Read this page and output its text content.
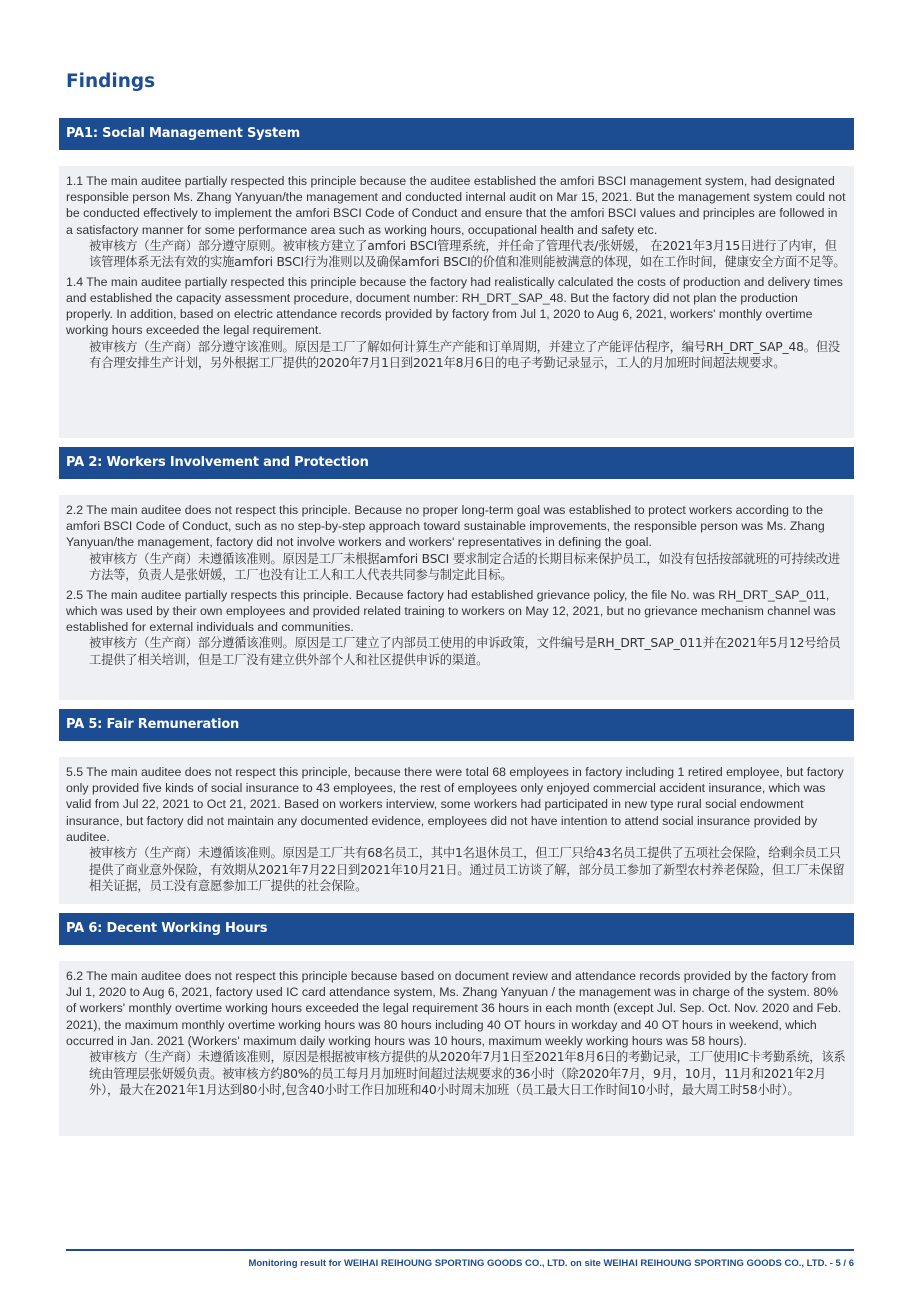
Findings
PA1: Social Management System

1.1 The main auditee partially respected this principle because the auditee established the amfori BSCI management system, had designated responsible person Ms. Zhang Yanyuan/the management and conducted internal audit on Mar 15, 2021. But the management system could not be conducted effectively to implement the amfori BSCI Code of Conduct and ensure that the amfori BSCI values and principles are followed in a satisfactory manner for some performance area such as working hours, occupational health and safety etc.

被审核方（生产商）部分遵守原则。被审核方建立了amfori BSCI管理系统，并任命了管理代表/张妍媛， 在2021年3月15日进行了内审，但该管理体系无法有效的实施amfori BSCI行为准则以及确保amfori BSCI的价值和准则能被满意的体现，如在工作时间，健康安全方面不足等。

1.4 The main auditee partially respected this principle because the factory had realistically calculated the costs of production and delivery times and established the capacity assessment procedure, document number: RH_DRT_SAP_48. But the factory did not plan the production properly. In addition, based on electric attendance records provided by factory from Jul 1, 2020 to Aug 6, 2021, workers' monthly overtime working hours exceeded the legal requirement.

被审核方（生产商）部分遵守该准则。原因是工厂了解如何计算生产产能和订单周期，并建立了产能评估程序，编号RH_DRT_SAP_48。但没有合理安排生产计划，另外根据工厂提供的2020年7月1日到2021年8月6日的电子考勤记录显示，工人的月加班时间超法规要求。

PA 2: Workers Involvement and Protection

2.2 The main auditee does not respect this principle. Because no proper long-term goal was established to protect workers according to the amfori BSCI Code of Conduct, such as no step-by-step approach toward sustainable improvements, the responsible person was Ms. Zhang Yanyuan/the management, factory did not involve workers and workers' representatives in defining the goal.

被审核方（生产商）未遵循该准则。原因是工厂未根据amfori BSCI 要求制定合适的长期目标来保护员工，如没有包括按部就班的可持续改进方法等，负责人是张妍媛，工厂也没有让工人和工人代表共同参与制定此目标。

2.5 The main auditee partially respects this principle. Because factory had established grievance policy, the file No. was RH_DRT_SAP_011, which was used by their own employees and provided related training to workers on May 12, 2021, but no grievance mechanism channel was established for external individuals and communities.

被审核方（生产商）部分遵循该准则。原因是工厂建立了内部员工使用的申诉政策，文件编号是RH_DRT_SAP_011并在2021年5月12号给员工提供了相关培训，但是工厂没有建立供外部个人和社区提供申诉的渠道。

PA 5: Fair Remuneration

5.5 The main auditee does not respect this principle, because there were total 68 employees in factory including 1 retired employee, but factory only provided five kinds of social insurance to 43 employees, the rest of employees only enjoyed commercial accident insurance, which was valid from Jul 22, 2021 to Oct 21, 2021. Based on workers interview, some workers had participated in new type rural social endowment insurance, but factory did not maintain any documented evidence, employees did not have intention to attend social insurance provided by auditee.

被审核方（生产商）未遵循该准则。原因是工厂共有68名员工，其中1名退休员工，但工厂只给43名员工提供了五项社会保险，给剩余员工只提供了商业意外保险，有效期从2021年7月22日到2021年10月21日。通过员工访谈了解，部分员工参加了新型农村养老保险，但工厂未保留相关证据，员工没有意愿参加工厂提供的社会保险。

PA 6: Decent Working Hours

6.2 The main auditee does not respect this principle because based on document review and attendance records provided by the factory from Jul 1, 2020 to Aug 6, 2021, factory used IC card attendance system, Ms. Zhang Yanyuan / the management was in charge of the system. 80% of workers' monthly overtime working hours exceeded the legal requirement 36 hours in each month (except Jul. Sep. Oct. Nov. 2020 and Feb. 2021), the maximum monthly overtime working hours was 80 hours including 40 OT hours in workday and 40 OT hours in weekend, which occurred in Jan. 2021 (Workers' maximum daily working hours was 10 hours, maximum weekly working hours was 58 hours).

被审核方（生产商）未遵循该准则，原因是根据被审核方提供的从2020年7月1日至2021年8月6日的考勤记录，工厂使用IC卡考勤系统，该系统由管理层张妍媛负责。被审核方约80%的员工每月月加班时间超过法规要求的36小时（除2020年7月，9月，10月，11月和2021年2月外），最大在2021年1月达到80小时,包含40小时工作日加班和40小时周末加班（员工最大日工作时间10小时，最大周工时58小时）。

Monitoring result for WEIHAI REIHOUNG SPORTING GOODS CO., LTD. on site WEIHAI REIHOUNG SPORTING GOODS CO., LTD. - 5 / 6
